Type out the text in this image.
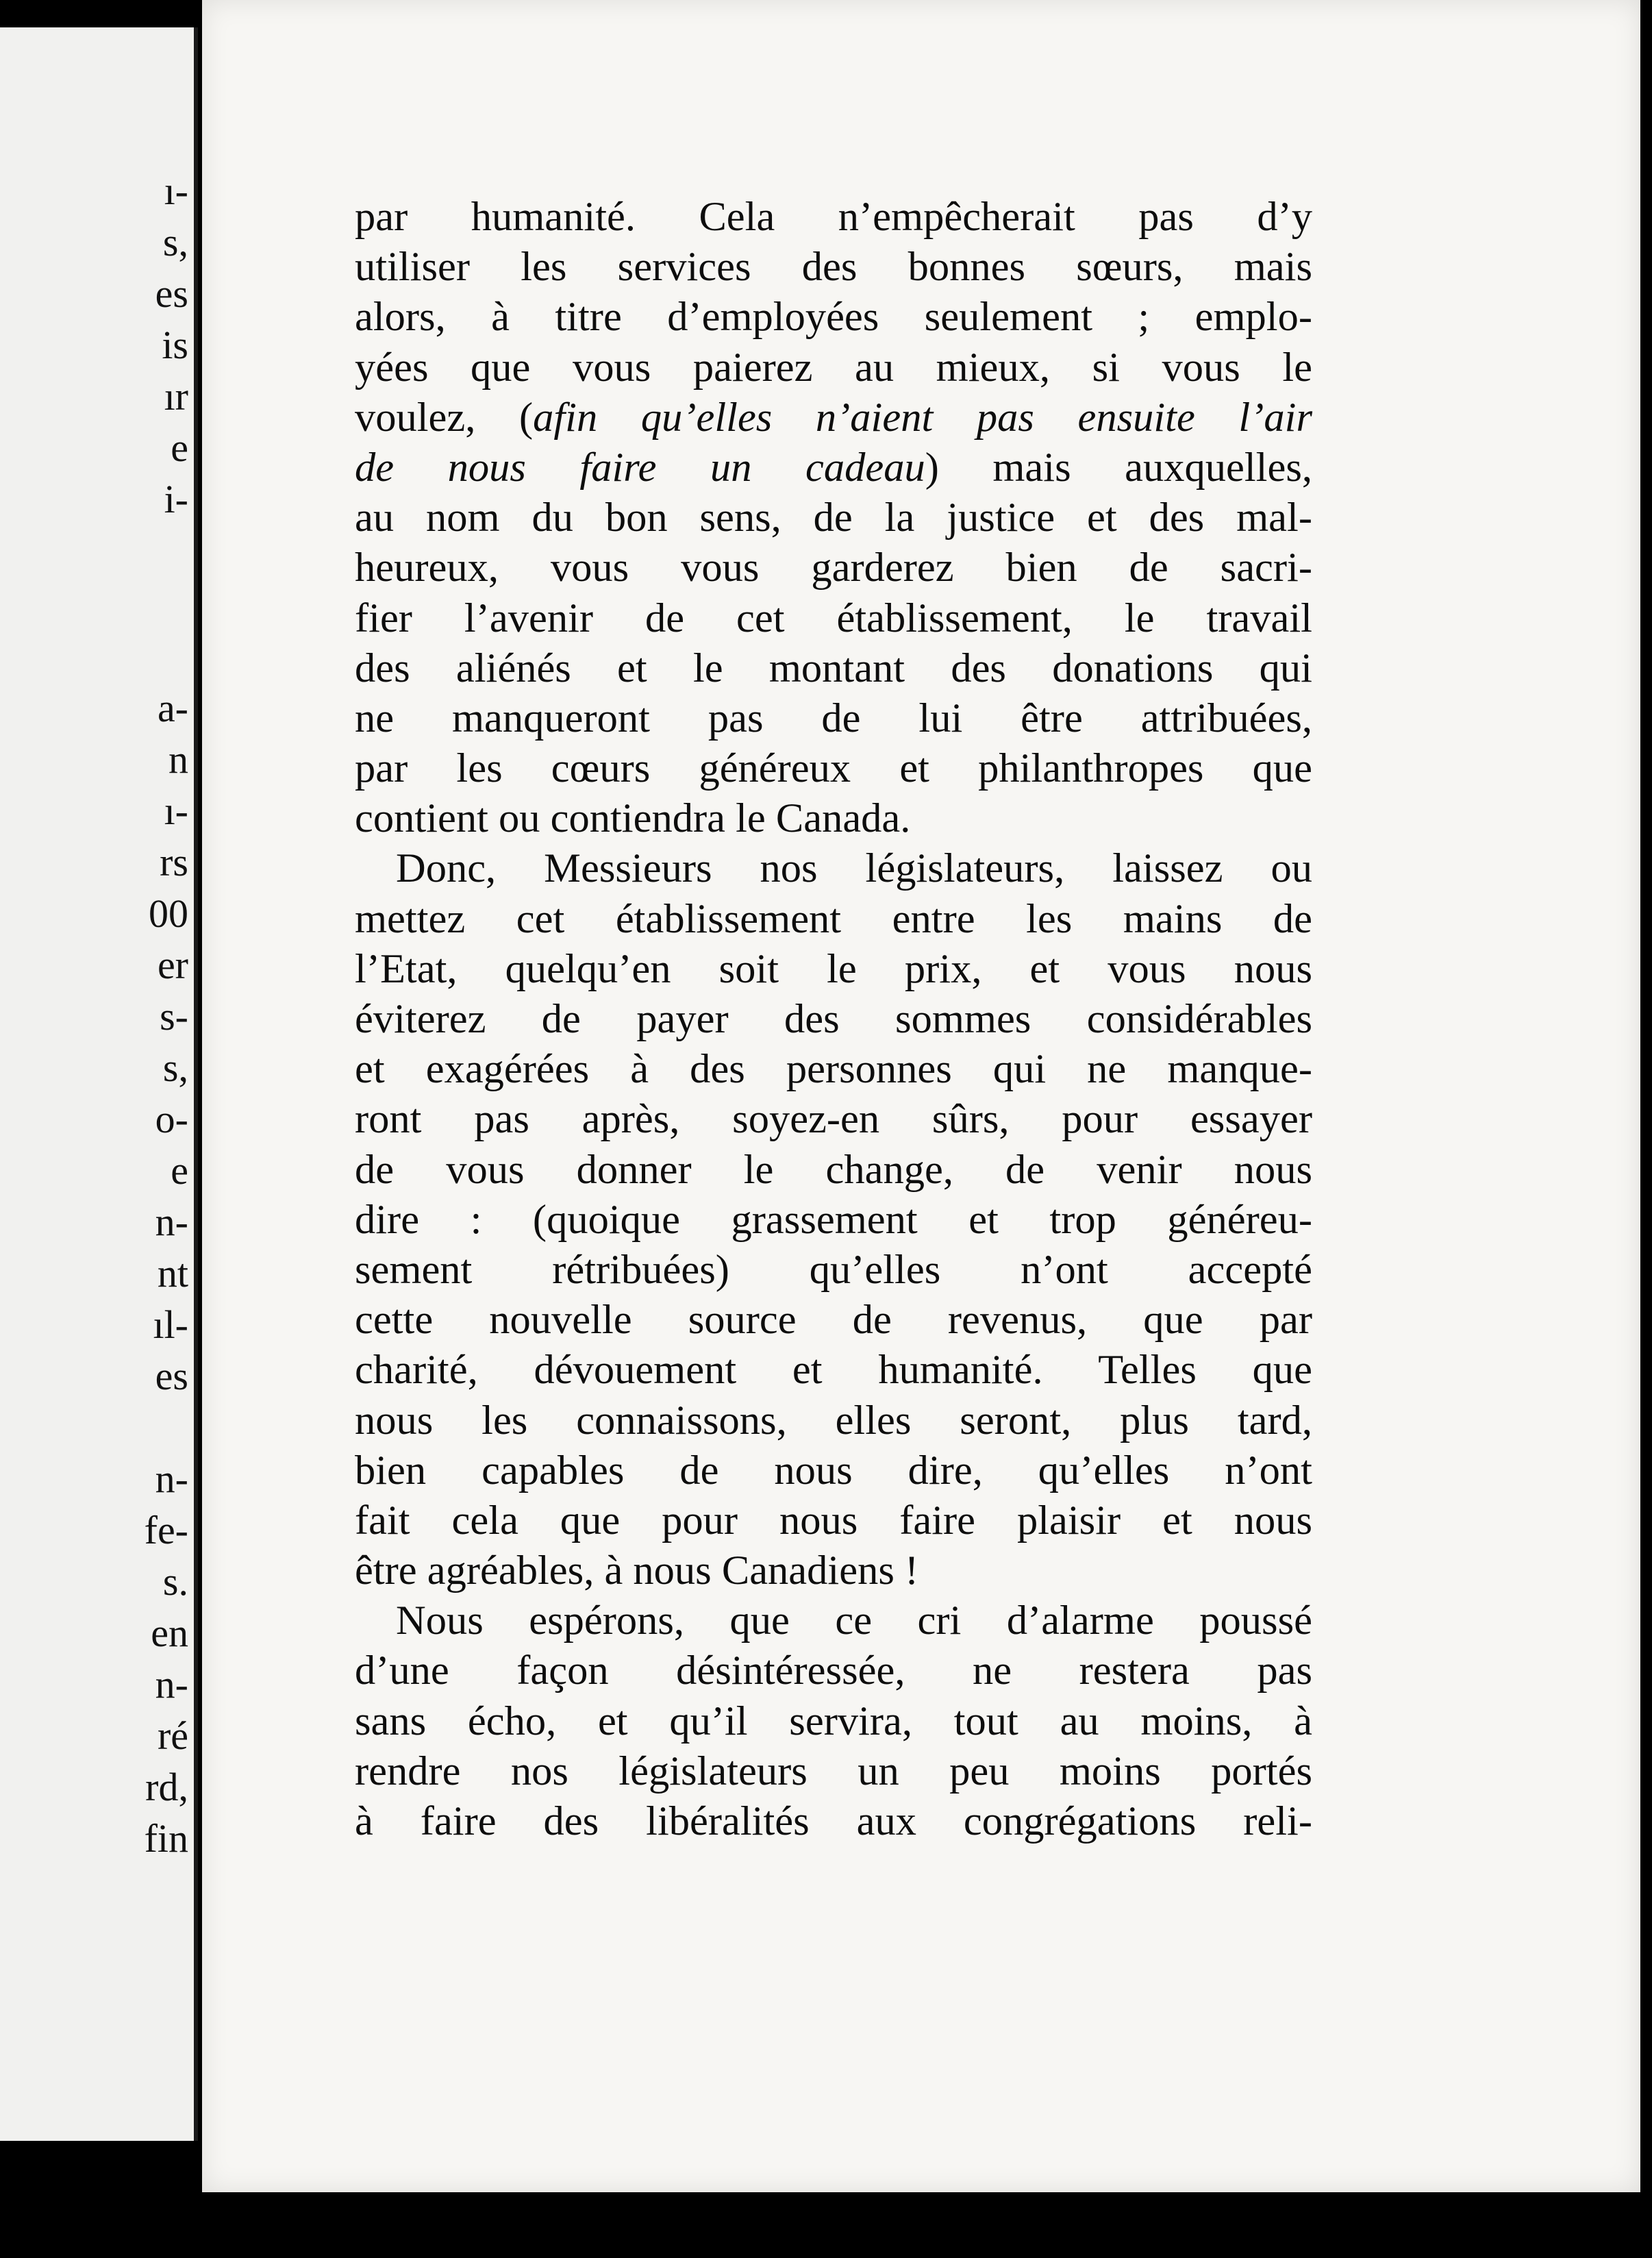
ı-
s,
es
is
ır
e
i-
a-
n
ı-
rs
00
er
s-
s,
o-
e
n-
nt
ıl-
es
n-
fe-
s.
en
n-
ré
rd,
fin
par humanité. Cela n’empêcherait pas d’y
utiliser les services des bonnes sœurs, mais
alors, à titre d’employées seulement ; emplo-
yées que vous paierez au mieux, si vous le
voulez, (afin qu’elles n’aient pas ensuite l’air
de nous faire un cadeau) mais auxquelles,
au nom du bon sens, de la justice et des mal-
heureux, vous vous garderez bien de sacri-
fier l’avenir de cet établissement, le travail
des aliénés et le montant des donations qui
ne manqueront pas de lui être attribuées,
par les cœurs généreux et philanthropes que
contient ou contiendra le Canada.
Donc, Messieurs nos législateurs, laissez ou
mettez cet établissement entre les mains de
l’Etat, quelqu’en soit le prix, et vous nous
éviterez de payer des sommes considérables
et exagérées à des personnes qui ne manque-
ront pas après, soyez-en sûrs, pour essayer
de vous donner le change, de venir nous
dire : (quoique grassement et trop généreu-
sement rétribuées) qu’elles n’ont accepté
cette nouvelle source de revenus, que par
charité, dévouement et humanité. Telles que
nous les connaissons, elles seront, plus tard,
bien capables de nous dire, qu’elles n’ont
fait cela que pour nous faire plaisir et nous
être agréables, à nous Canadiens !
Nous espérons, que ce cri d’alarme poussé
d’une façon désintéressée, ne restera pas
sans écho, et qu’il servira, tout au moins, à
rendre nos législateurs un peu moins portés
à faire des libéralités aux congrégations reli-
